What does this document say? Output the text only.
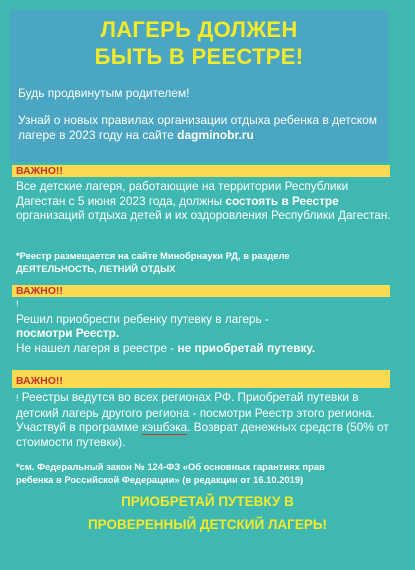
ЛАГЕРЬ ДОЛЖЕН
БЫТЬ В РЕЕСТРЕ!
Будь продвинутым родителем!
Узнай о новых правилах организации отдыха ребенка в детском лагере в 2023 году на сайте dagminobr.ru
ВАЖНО!!
Все детские лагеря, работающие на территории Республики Дагестан с 5 июня 2023 года, должны состоять в Реестре организаций отдыха детей и их оздоровления Республики Дагестан.
*Реестр размещается на сайте Минобрнауки РД, в разделе
ДЕЯТЕЛЬНОСТЬ, ЛЕТНИЙ ОТДЫХ
ВАЖНО!!
!
Решил приобрести ребенку путевку в лагерь -
посмотри Реестр.
Не нашел лагеря в реестре - не приобретай путевку.
ВАЖНО!!
! Реестры ведутся во всех регионах РФ. Приобретай путевки в детский лагерь другого региона - посмотри Реестр этого региона. Участвуй в программе кэшбэка. Возврат денежных средств (50% от стоимости путевки).
*см. Федеральный закон № 124-ФЗ «Об основных гарантиях прав
ребенка в Российской Федерации» (в редакции от 16.10.2019)
ПРИОБРЕТАЙ ПУТЕВКУ В
ПРОВЕРЕННЫЙ ДЕТСКИЙ ЛАГЕРЬ!
